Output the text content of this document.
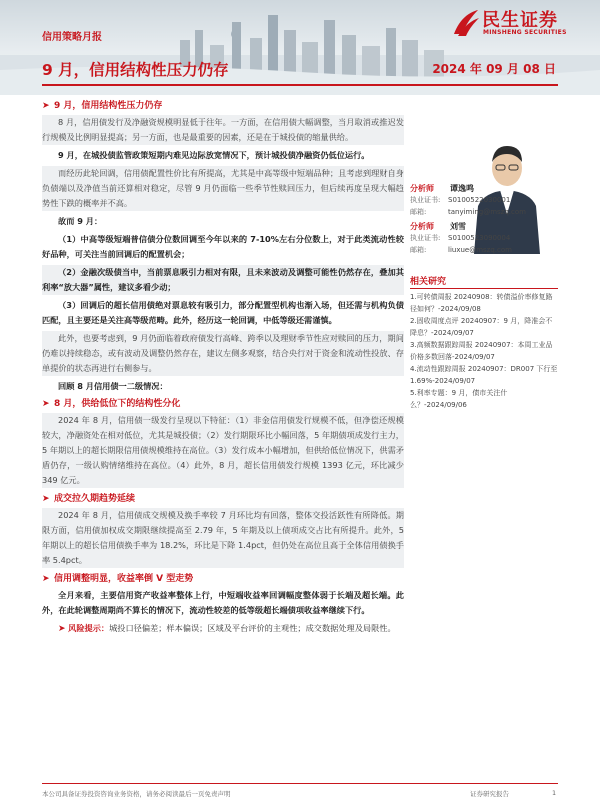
民生证券
MINSHENG SECURITIES
信用策略月报
9 月，信用结构性压力仍存	2024 年 09 月 08 日
➤ 9 月，信用结构性压力仍存

8 月，信用债发行及净融资规模明显低于往年。一方面，在信用债大幅调整，当月取消或推迟发行规模及比例明显提高；另一方面，也是最重要的因素，还是在于城投债的缩量供给。

9 月，在城投债监管政策短期内难见边际放宽情况下，预计城投债净融资仍低位运行。

而经历此轮回调，信用债配置性价比有所提高，尤其是中高等级中短端品种；且考虑到理财自身负债端以及净值当前还算相对稳定，尽管 9 月仍面临一些季节性赎回压力，但后续再度呈现大幅趋势性下跌的概率并不高。

故而 9 月：

（1）中高等级短端普信债分位数回调至今年以来的 7-10%左右分位数上，对于此类流动性较好品种，可关注当前回调后的配置机会；

（2）金融次级债当中，当前票息吸引力相对有限，且未来波动及调整可能性仍然存在，叠加其利率“放大器”属性，建议多看少动；

（3）回调后的超长信用债绝对票息较有吸引力，部分配置型机构也渐入场，但还需与机构负债匹配，且主要还是关注高等级范畴。此外，经历这一轮回调，中低等级还需谨慎。

此外，也要考虑到，9 月仍面临着政府债发行高峰、跨季以及理财季节性应对赎回的压力，期间仍难以持续稳态，或有波动及调整仍然存在，建议左侧多观察，结合央行对于资金和流动性投放、存单提价的状态再进行右侧参与。

回顾 8 月信用债一二级情况：

➤ 8 月，供给低位下的结构性分化

2024 年 8 月，信用债一级发行呈现以下特征：（1）非金信用债发行规模不低，但净偿还规模较大，净融资处在相对低位，尤其是城投债；（2）发行期限环比小幅回落，5 年期债项成发行主力，5 年期以上的超长期限信用债规模维持在高位。（3）发行成本小幅增加，但供给低位情况下，供需矛盾仍存，一级认购情绪维持在高位。（4）此外，8 月，超长信用债发行规模 1393 亿元，环比减少 349 亿元。

➤ 成交拉久期趋势延续

2024 年 8 月，信用债成交规模及换手率较 7 月环比均有回落，整体交投活跃性有所降低。期限方面，信用债加权成交期限继续提高至 2.79 年，5 年期及以上债项成交占比有所提升。此外，5 年期以上的超长信用债换手率为 18.2%，环比是下降 1.4pct，但仍处在高位且高于全体信用债换手率 5.4pct。

➤ 信用调整明显，收益率倒 V 型走势

全月来看，主要信用资产收益率整体上行，中短端收益率回调幅度整体弱于长端及超长端。此外，在此轮调整周期尚不算长的情况下，流动性较差的低等级超长端债项收益率继续下行。

➤ 风险提示：城投口径偏差；样本偏误；区域及平台评价的主观性；成交数据处理及局限性。

分析师	谭逸鸣
执业证书:	S0100522030001
邮箱:	tanyiming@mszq.com
分析师	刘雪
执业证书:	S0100523090004
邮箱:	liuxue@mszq.com
相关研究
1.可转债周报 20240908：转债溢价率修复路径如何？-2024/09/08
2.固收周度点评 20240907：9 月，降准会不降息？-2024/09/07
3.高频数据跟踪周报 20240907：本周工业品价格多数回落-2024/09/07
4.流动性跟踪周报 20240907：DR007 下行至 1.69%-2024/09/07
5.利率专题：9 月，债市关注什么？-2024/09/06
本公司具备证券投资咨询业务资格，请务必阅读最后一页免责声明	证券研究报告	1
